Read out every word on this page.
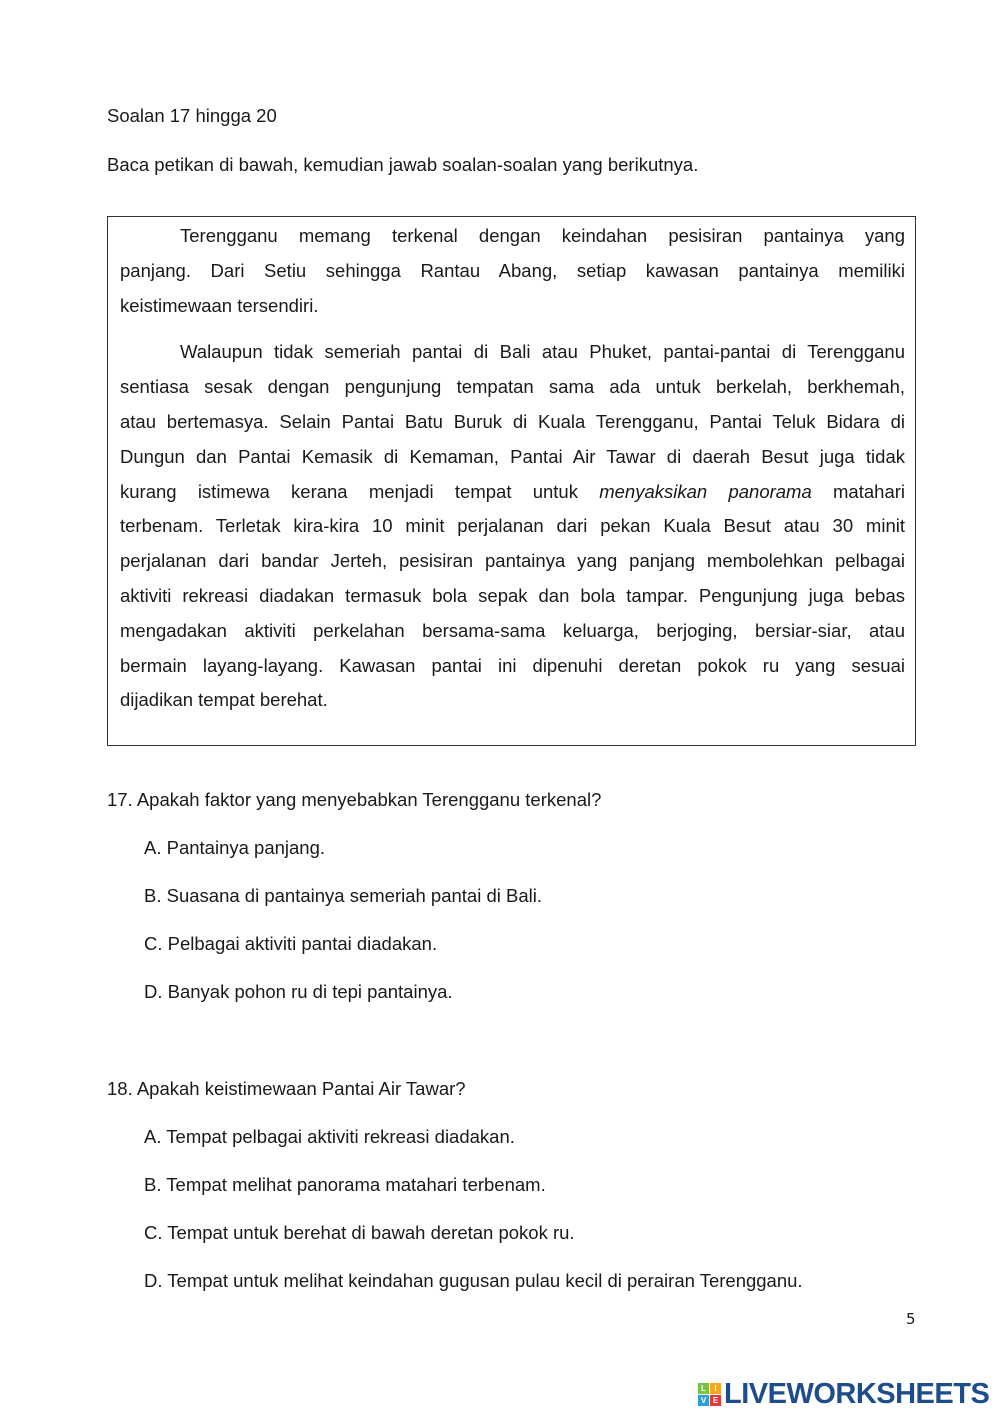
Soalan 17 hingga 20
Baca petikan di bawah, kemudian jawab soalan-soalan yang berikutnya.
Terengganu memang terkenal dengan keindahan pesisiran pantainya yang
panjang. Dari Setiu sehingga Rantau Abang, setiap kawasan pantainya memiliki
keistimewaan tersendiri.
Walaupun tidak semeriah pantai di Bali atau Phuket, pantai-pantai di Terengganu
sentiasa sesak dengan pengunjung tempatan sama ada untuk berkelah, berkhemah,
atau bertemasya. Selain Pantai Batu Buruk di Kuala Terengganu, Pantai Teluk Bidara di
Dungun dan Pantai Kemasik di Kemaman, Pantai Air Tawar di daerah Besut juga tidak
kurang istimewa kerana menjadi tempat untuk menyaksikan panorama matahari
terbenam. Terletak kira-kira 10 minit perjalanan dari pekan Kuala Besut atau 30 minit
perjalanan dari bandar Jerteh, pesisiran pantainya yang panjang membolehkan pelbagai
aktiviti rekreasi diadakan termasuk bola sepak dan bola tampar. Pengunjung juga bebas
mengadakan aktiviti perkelahan bersama-sama keluarga, berjoging, bersiar-siar, atau
bermain layang-layang. Kawasan pantai ini dipenuhi deretan pokok ru yang sesuai
dijadikan tempat berehat.
17. Apakah faktor yang menyebabkan Terengganu terkenal?
A. Pantainya panjang.
B. Suasana di pantainya semeriah pantai di Bali.
C. Pelbagai aktiviti pantai diadakan.
D. Banyak pohon ru di tepi pantainya.
18. Apakah keistimewaan Pantai Air Tawar?
A. Tempat pelbagai aktiviti rekreasi diadakan.
B. Tempat melihat panorama matahari terbenam.
C. Tempat untuk berehat di bawah deretan pokok ru.
D. Tempat untuk melihat keindahan gugusan pulau kecil di perairan Terengganu.
5
L	I
V E LIVEWORKSHEETS
